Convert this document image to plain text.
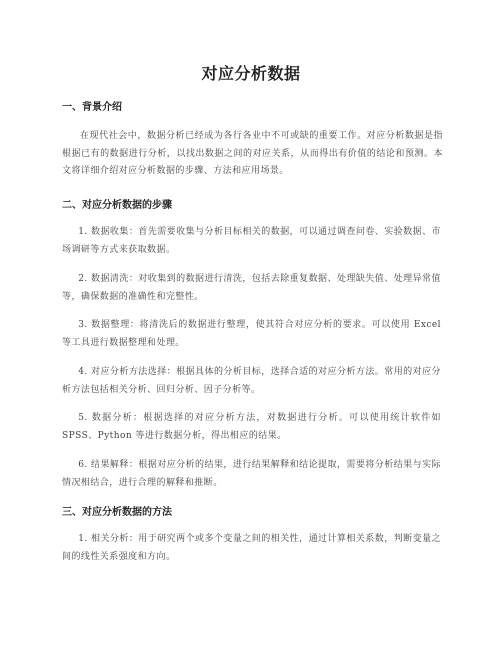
对应分析数据
一、背景介绍

在现代社会中，数据分析已经成为各行各业中不可或缺的重要工作。对应分析数据是指根据已有的数据进行分析，以找出数据之间的对应关系，从而得出有价值的结论和预测。本文将详细介绍对应分析数据的步骤、方法和应用场景。

二、对应分析数据的步骤

1. 数据收集：首先需要收集与分析目标相关的数据，可以通过调查问卷、实验数据、市场调研等方式来获取数据。

2. 数据清洗：对收集到的数据进行清洗，包括去除重复数据、处理缺失值、处理异常值等，确保数据的准确性和完整性。

3. 数据整理：将清洗后的数据进行整理，使其符合对应分析的要求。可以使用 Excel 等工具进行数据整理和处理。

4. 对应分析方法选择：根据具体的分析目标，选择合适的对应分析方法。常用的对应分析方法包括相关分析、回归分析、因子分析等。

5. 数据分析：根据选择的对应分析方法，对数据进行分析。可以使用统计软件如 SPSS、Python 等进行数据分析，得出相应的结果。

6. 结果解释：根据对应分析的结果，进行结果解释和结论提取，需要将分析结果与实际情况相结合，进行合理的解释和推断。

三、对应分析数据的方法

1. 相关分析：用于研究两个或多个变量之间的相关性，通过计算相关系数，判断变量之间的线性关系强度和方向。
